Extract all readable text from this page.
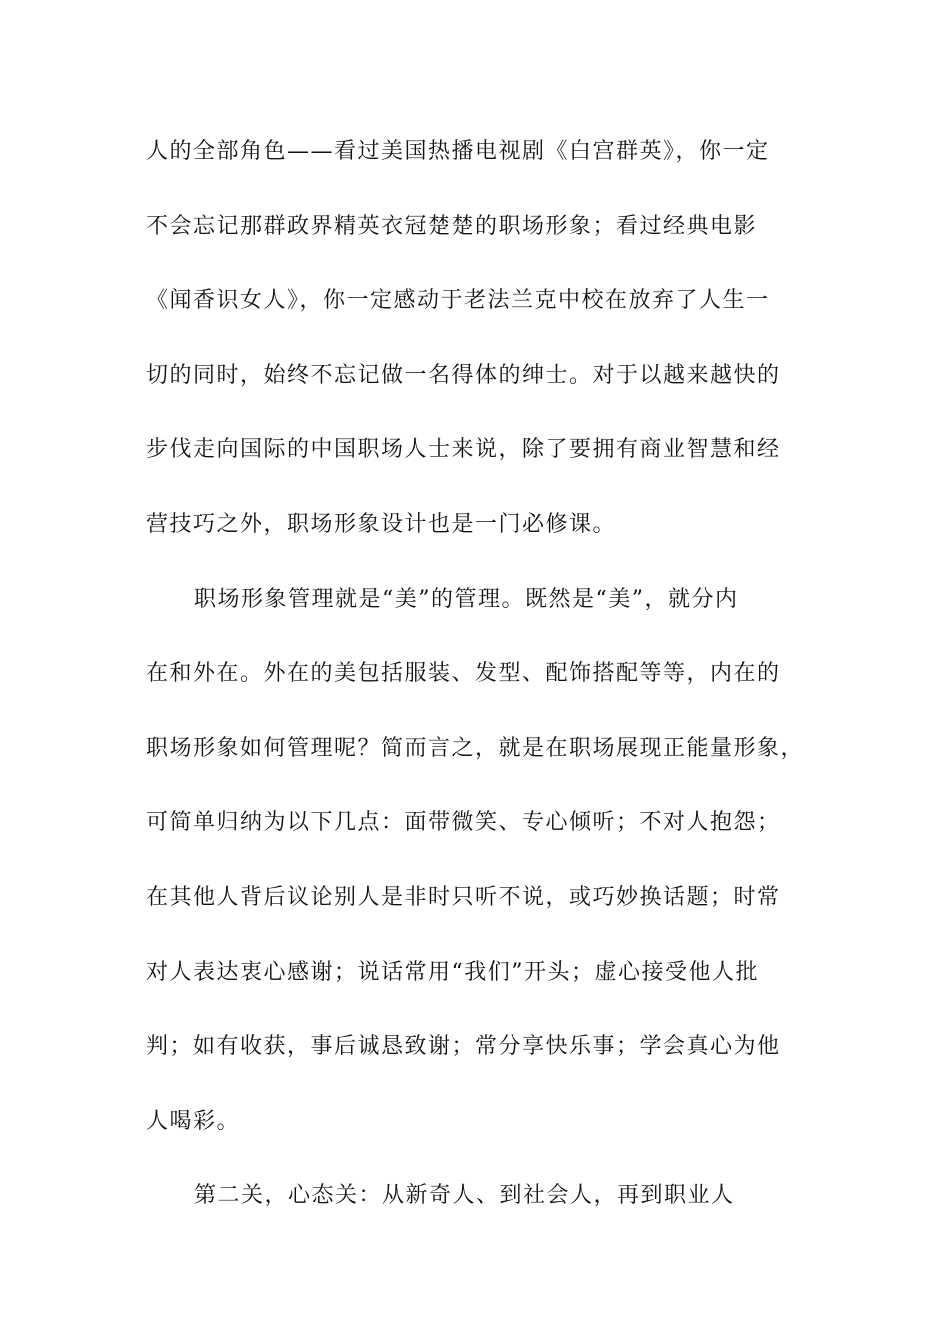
人的全部角色——看过美国热播电视剧《白宫群英》，你一定
不会忘记那群政界精英衣冠楚楚的职场形象；看过经典电影
《闻香识女人》，你一定感动于老法兰克中校在放弃了人生一
切的同时，始终不忘记做一名得体的绅士。对于以越来越快的
步伐走向国际的中国职场人士来说，除了要拥有商业智慧和经
营技巧之外，职场形象设计也是一门必修课。
职场形象管理就是“美”的管理。既然是“美”，就分内
在和外在。外在的美包括服装、发型、配饰搭配等等，内在的
职场形象如何管理呢？简而言之，就是在职场展现正能量形象，
可简单归纳为以下几点：面带微笑、专心倾听；不对人抱怨；
在其他人背后议论别人是非时只听不说，或巧妙换话题；时常
对人表达衷心感谢；说话常用“我们”开头；虚心接受他人批
判；如有收获，事后诚恳致谢；常分享快乐事；学会真心为他
人喝彩。
第二关，心态关：从新奇人、到社会人，再到职业人
